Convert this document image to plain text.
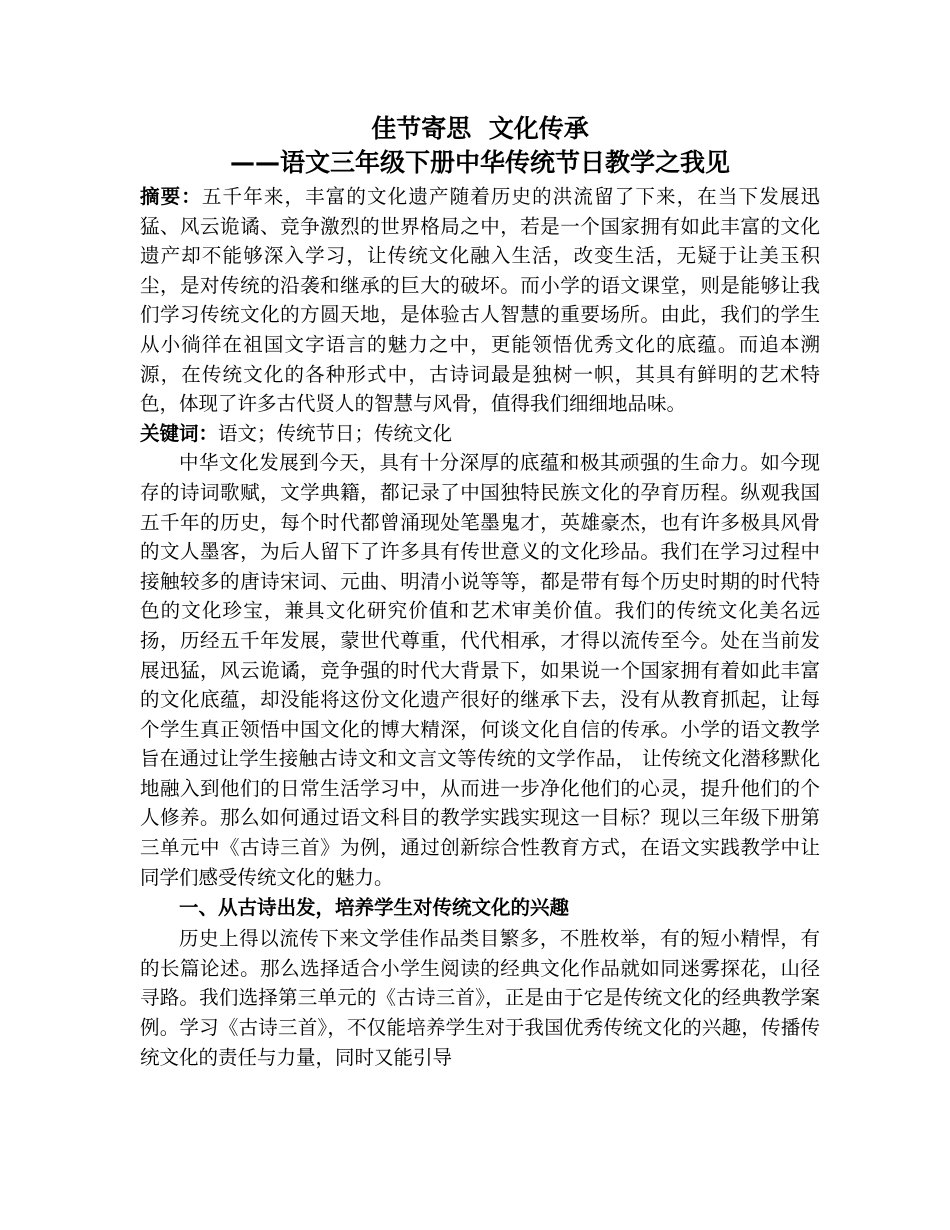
佳节寄思  文化传承
——语文三年级下册中华传统节日教学之我见

摘要：五千年来，丰富的文化遗产随着历史的洪流留了下来，在当下发展迅猛、风云诡谲、竞争激烈的世界格局之中，若是一个国家拥有如此丰富的文化遗产却不能够深入学习，让传统文化融入生活，改变生活，无疑于让美玉积尘，是对传统的沿袭和继承的巨大的破坏。而小学的语文课堂，则是能够让我们学习传统文化的方圆天地，是体验古人智慧的重要场所。由此，我们的学生从小徜徉在祖国文字语言的魅力之中，更能领悟优秀文化的底蕴。而追本溯源，在传统文化的各种形式中，古诗词最是独树一帜，其具有鲜明的艺术特色，体现了许多古代贤人的智慧与风骨，值得我们细细地品味。

关键词：语文；传统节日；传统文化

中华文化发展到今天，具有十分深厚的底蕴和极其顽强的生命力。如今现存的诗词歌赋，文学典籍，都记录了中国独特民族文化的孕育历程。纵观我国五千年的历史，每个时代都曾涌现处笔墨鬼才，英雄豪杰，也有许多极具风骨的文人墨客，为后人留下了许多具有传世意义的文化珍品。我们在学习过程中接触较多的唐诗宋词、元曲、明清小说等等，都是带有每个历史时期的时代特色的文化珍宝，兼具文化研究价值和艺术审美价值。我们的传统文化美名远扬，历经五千年发展，蒙世代尊重，代代相承，才得以流传至今。处在当前发展迅猛，风云诡谲，竞争强的时代大背景下，如果说一个国家拥有着如此丰富的文化底蕴，却没能将这份文化遗产很好的继承下去，没有从教育抓起，让每个学生真正领悟中国文化的博大精深，何谈文化自信的传承。小学的语文教学旨在通过让学生接触古诗文和文言文等传统的文学作品， 让传统文化潜移默化地融入到他们的日常生活学习中，从而进一步净化他们的心灵，提升他们的个人修养。那么如何通过语文科目的教学实践实现这一目标？现以三年级下册第三单元中《古诗三首》为例，通过创新综合性教育方式，在语文实践教学中让同学们感受传统文化的魅力。

一、从古诗出发，培养学生对传统文化的兴趣

历史上得以流传下来文学佳作品类目繁多，不胜枚举，有的短小精悍，有的长篇论述。那么选择适合小学生阅读的经典文化作品就如同迷雾探花，山径寻路。我们选择第三单元的《古诗三首》，正是由于它是传统文化的经典教学案例。学习《古诗三首》，不仅能培养学生对于我国优秀传统文化的兴趣，传播传统文化的责任与力量，同时又能引导
